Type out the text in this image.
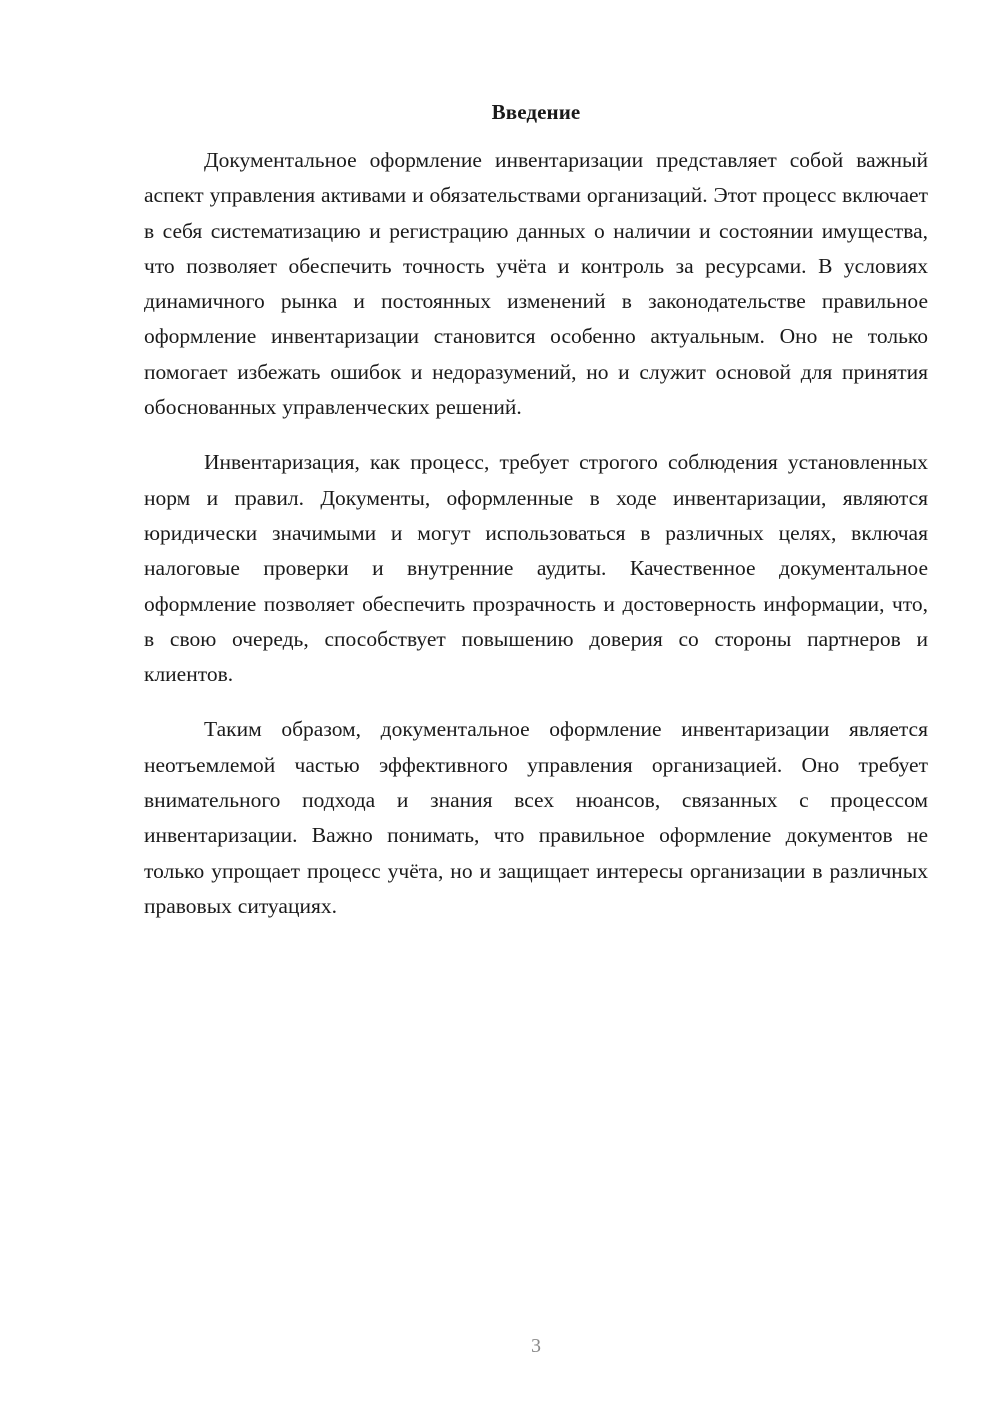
Введение

Документальное оформление инвентаризации представляет собой важный аспект управления активами и обязательствами организаций. Этот процесс включает в себя систематизацию и регистрацию данных о наличии и состоянии имущества, что позволяет обеспечить точность учёта и контроль за ресурсами. В условиях динамичного рынка и постоянных изменений в законодательстве правильное оформление инвентаризации становится особенно актуальным. Оно не только помогает избежать ошибок и недоразумений, но и служит основой для принятия обоснованных управленческих решений.

Инвентаризация, как процесс, требует строгого соблюдения установленных норм и правил. Документы, оформленные в ходе инвентаризации, являются юридически значимыми и могут использоваться в различных целях, включая налоговые проверки и внутренние аудиты. Качественное документальное оформление позволяет обеспечить прозрачность и достоверность информации, что, в свою очередь, способствует повышению доверия со стороны партнеров и клиентов.

Таким образом, документальное оформление инвентаризации является неотъемлемой частью эффективного управления организацией. Оно требует внимательного подхода и знания всех нюансов, связанных с процессом инвентаризации. Важно понимать, что правильное оформление документов не только упрощает процесс учёта, но и защищает интересы организации в различных правовых ситуациях.

3
